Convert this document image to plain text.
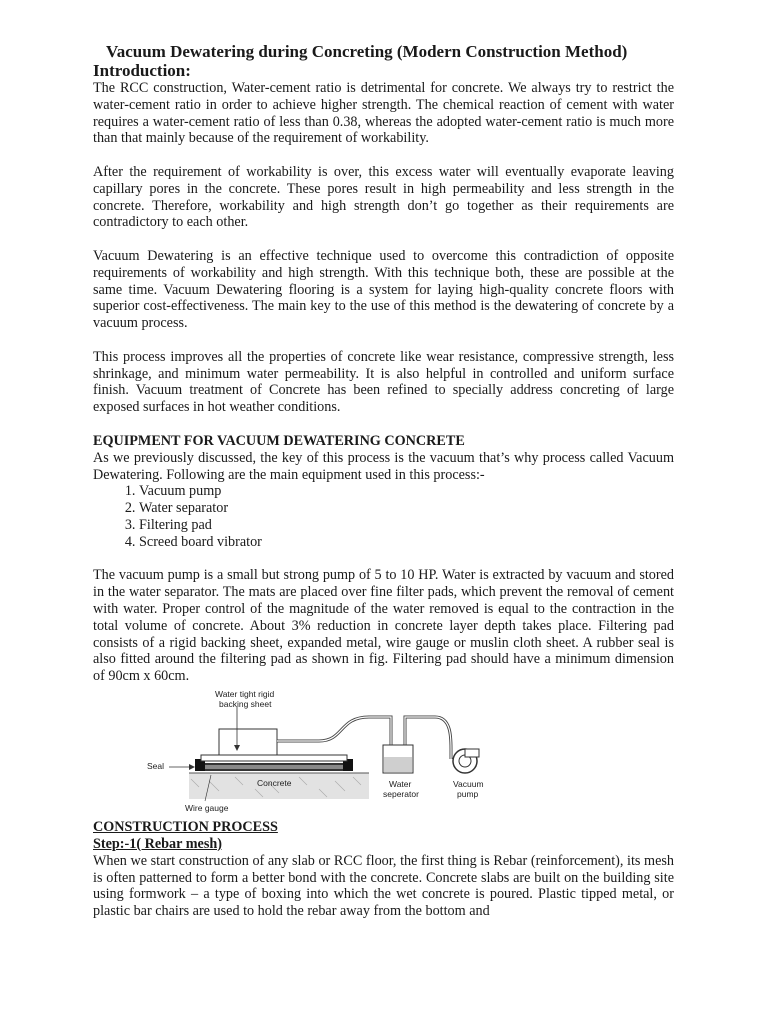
Vacuum Dewatering during Concreting (Modern Construction Method)
Introduction:

The RCC construction, Water-cement ratio is detrimental for concrete. We always try to restrict the water-cement ratio in order to achieve higher strength. The chemical reaction of cement with water requires a water-cement ratio of less than 0.38, whereas the adopted water-cement ratio is much more than that mainly because of the requirement of workability.

After the requirement of workability is over, this excess water will eventually evaporate leaving capillary pores in the concrete. These pores result in high permeability and less strength in the concrete. Therefore, workability and high strength don’t go together as their requirements are contradictory to each other.

Vacuum Dewatering is an effective technique used to overcome this contradiction of opposite requirements of workability and high strength. With this technique both, these are possible at the same time. Vacuum Dewatering flooring is a system for laying high-quality concrete floors with superior cost-effectiveness. The main key to the use of this method is the dewatering of concrete by a vacuum process.

This process improves all the properties of concrete like wear resistance, compressive strength, less shrinkage, and minimum water permeability. It is also helpful in controlled and uniform surface finish. Vacuum treatment of Concrete has been refined to specially address concreting of large exposed surfaces in hot weather conditions.

EQUIPMENT FOR VACUUM DEWATERING CONCRETE

As we previously discussed, the key of this process is the vacuum that’s why process called Vacuum Dewatering. Following are the main equipment used in this process:-

1. Vacuum pump
2. Water separator
3. Filtering pad
4. Screed board vibrator

The vacuum pump is a small but strong pump of 5 to 10 HP. Water is extracted by vacuum and stored in the water separator. The mats are placed over fine filter pads, which prevent the removal of cement with water. Proper control of the magnitude of the water removed is equal to the contraction in the total volume of concrete. About 3% reduction in concrete layer depth takes place. Filtering pad consists of a rigid backing sheet, expanded metal, wire gauge or muslin cloth sheet. A rubber seal is also fitted around the filtering pad as shown in fig. Filtering pad should have a minimum dimension of 90cm x 60cm.

Water tight rigid
backing sheet
Seal
Concrete
Wire gauge
Water
seperator
Vacuum
pump
CONSTRUCTION PROCESS
Step:-1( Rebar mesh)

When we start construction of any slab or RCC floor, the first thing is Rebar (reinforcement), its mesh is often patterned to form a better bond with the concrete. Concrete slabs are built on the building site using formwork – a type of boxing into which the wet concrete is poured. Plastic tipped metal, or plastic bar chairs are used to hold the rebar away from the bottom and
